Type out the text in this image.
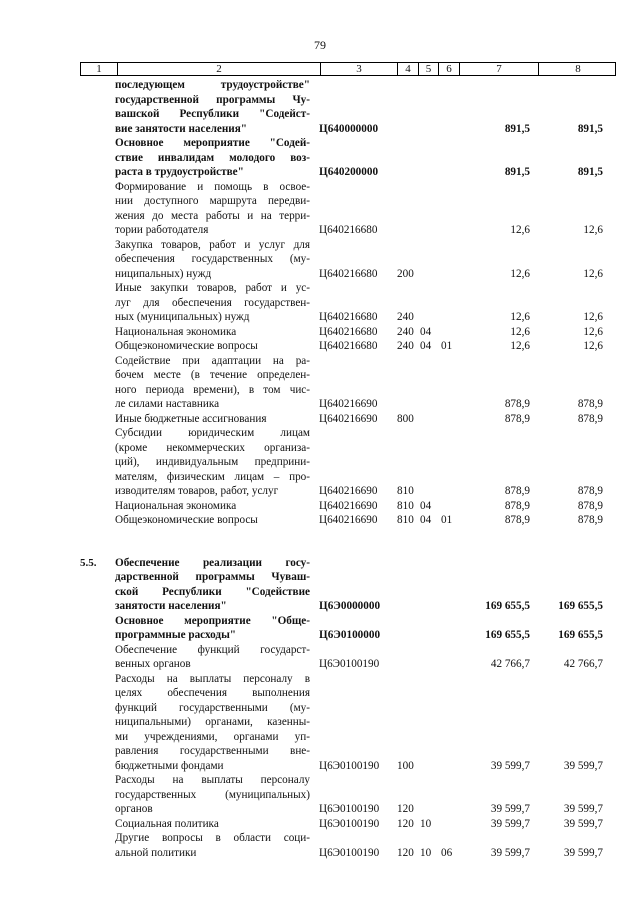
79
1	2	3	4	5	6	7	8
последующем трудоустройстве"
государственной программы Чу-
вашской Республики "Содейст-
вие занятости населения"	Ц640000000	891,5	891,5
Основное мероприятие "Содей-
ствие инвалидам молодого воз-
раста в трудоустройстве"	Ц640200000	891,5	891,5
Формирование и помощь в освое-
нии доступного маршрута передви-
жения до места работы и на терри-
тории работодателя	Ц640216680	12,6	12,6
Закупка товаров, работ и услуг для
обеспечения государственных (му-
ниципальных) нужд	Ц640216680	200	12,6	12,6
Иные закупки товаров, работ и ус-
луг для обеспечения государствен-
ных (муниципальных) нужд	Ц640216680	240	12,6	12,6
Национальная экономика	Ц640216680	240 04	12,6	12,6
Общеэкономические вопросы	Ц640216680	240 04 01	12,6	12,6
Содействие при адаптации на ра-
бочем месте (в течение определен-
ного периода времени), в том чис-
ле силами наставника	Ц640216690	878,9	878,9
Иные бюджетные ассигнования	Ц640216690	800	878,9	878,9
Субсидии юридическим лицам
(кроме некоммерческих организа-
ций), индивидуальным предприни-
мателям, физическим лицам – про-
изводителям товаров, работ, услуг	Ц640216690	810	878,9	878,9
Национальная экономика	Ц640216690	810 04	878,9	878,9
Общеэкономические вопросы	Ц640216690	810 04 01	878,9	878,9
5.5.	Обеспечение реализации госу-
дарственной программы Чуваш-
ской Республики "Содействие
занятости населения"	Ц6Э0000000	169 655,5	169 655,5
Основное мероприятие "Обще-
программные расходы"	Ц6Э0100000	169 655,5	169 655,5
Обеспечение функций государст-
венных органов	Ц6Э0100190	42 766,7	42 766,7
Расходы на выплаты персоналу в
целях обеспечения выполнения
функций государственными (му-
ниципальными) органами, казенны-
ми учреждениями, органами уп-
равления государственными вне-
бюджетными фондами	Ц6Э0100190	100	39 599,7	39 599,7
Расходы на выплаты персоналу
государственных (муниципальных)
органов	Ц6Э0100190	120	39 599,7	39 599,7
Социальная политика	Ц6Э0100190	120 10	39 599,7	39 599,7
Другие вопросы в области соци-
альной политики	Ц6Э0100190	120 10 06	39 599,7	39 599,7
